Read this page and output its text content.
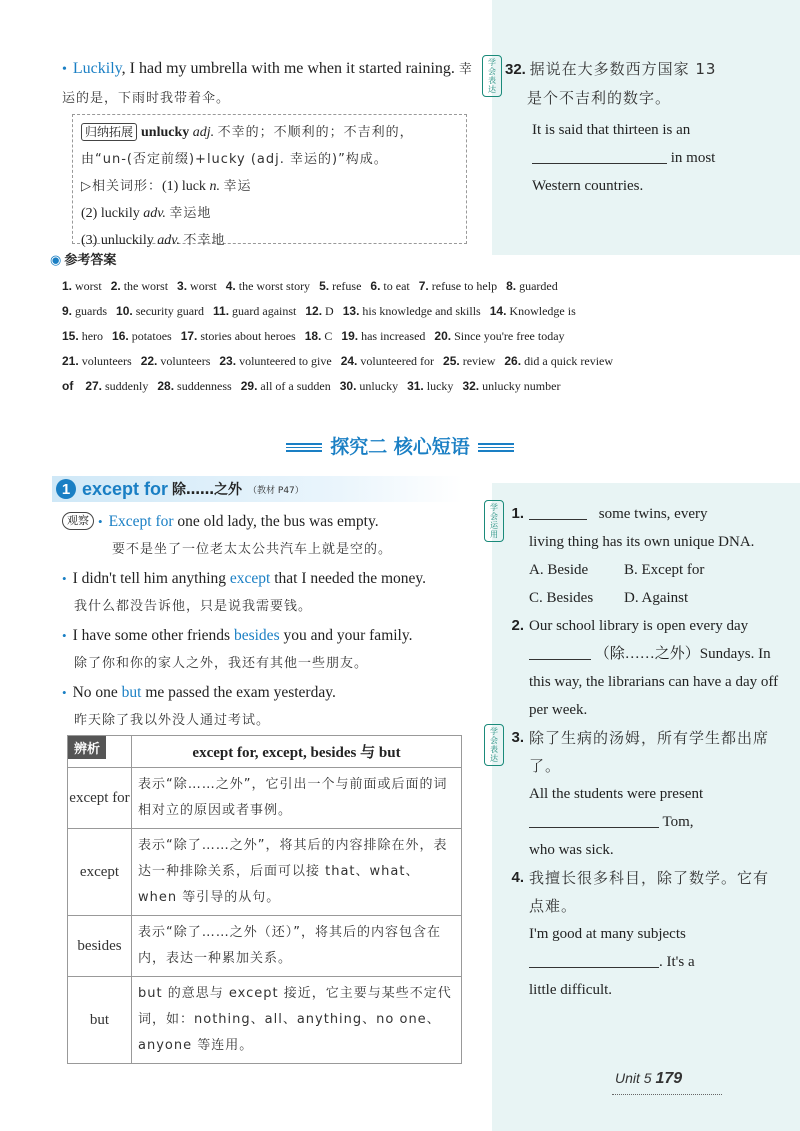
• Luckily, I had my umbrella with me when it started raining. 幸运的是，下雨时我带着伞。
归纳拓展 unlucky adj. 不幸的；不顺利的；不吉利的，由“un-(否定前缀)+lucky (adj. 幸运的)”构成。
▷相关词形：(1) luck n. 幸运
(2) luckily adv. 幸运地
(3) unluckily adv. 不幸地
学
会
表
达
32. 据说在大多数西方国家 13
是个不吉利的数字。
It is said that thirteen is an
in most
Western countries.
◉ 参考答案
1. worst 2. the worst 3. worst 4. the worst story 5. refuse 6. to eat 7. refuse to help 8. guarded
9. guards 10. security guard 11. guard against 12. D 13. his knowledge and skills 14. Knowledge is
15. hero 16. potatoes 17. stories about heroes 18. C 19. has increased 20. Since you're free today
21. volunteers 22. volunteers 23. volunteered to give 24. volunteered for 25. review 26. did a quick review
of 27. suddenly 28. suddenness 29. all of a sudden 30. unlucky 31. lucky 32. unlucky number
探究二 核心短语
1 except for 除……之外 （教材 P47）
观察 • Except for one old lady, the bus was empty.
要不是坐了一位老太太公共汽车上就是空的。
• I didn't tell him anything except that I needed the money.
我什么都没告诉他，只是说我需要钱。
• I have some other friends besides you and your family.
除了你和你的家人之外，我还有其他一些朋友。
• No one but me passed the exam yesterday.
昨天除了我以外没人通过考试。
辨析	except for, except, besides 与 but
except for	表示“除……之外”，它引出一个与前面或后面的词相对立的原因或者事例。
except	表示“除了……之外”，将其后的内容排除在外，表达一种排除关系，后面可以接 that、what、when 等引导的从句。
besides	表示“除了……之外（还）”，将其后的内容包含在内，表达一种累加关系。
but	but 的意思与 except 接近，它主要与某些不定代词，如：nothing、all、anything、no one、anyone 等连用。
学
会
运
用
1.	some twins, every
living thing has its own unique DNA.
A. Beside	B. Except for
C. Besides	D. Against
2. Our school library is open every day  （除……之外）Sundays. In this way, the librarians can have a day off per week.
学
会
表
达
3. 除了生病的汤姆，所有学生都出席了。
All the students were present
Tom,
who was sick.
4. 我擅长很多科目，除了数学。它有点难。
I'm good at many subjects
. It's a
little difficult.
Unit 5 179
